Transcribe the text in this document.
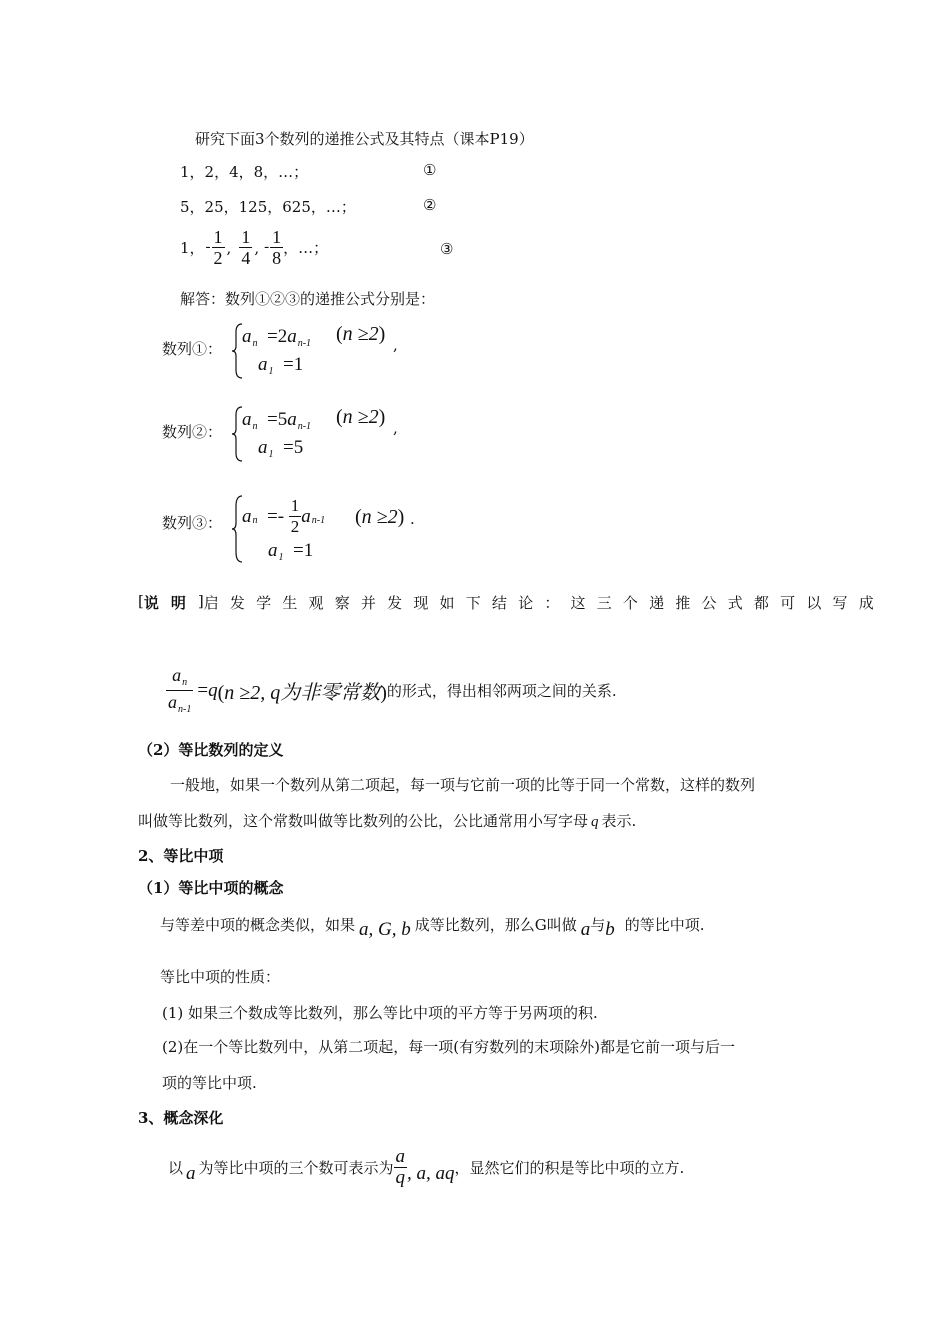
研究下面3个数列的递推公式及其特点（课本P19）
1，2，4，8，…；	①
5，25，125，625，…；	②
1， - $\frac{1}{2}$ , $\frac{1}{4}$ , - $\frac{1}{8}$ ，…；	③
解答：数列①②③的递推公式分别是：
数列①：
$a_n =2a_{n-1}$ (n ≥2) ,
$a_1 =1$
数列②：
$a_n =5a_{n-1}$ (n ≥2) ,
$a_1 =5$
数列③： a $n =- \frac{1}{2}$ a n-1 (n ≥2) .
$a_1 =1$
[ 说明 ] 启发学生观察并发现如下结论：这三个递推公式都可以写成
$\frac{a_n}{a_{n-1}} =q$ (n ≥2, q为非零常数) 的形式，得出相邻两项之间的关系.
（2）等比数列的定义
一般地，如果一个数列从第二项起，每一项与它前一项的比等于同一个常数，这样的数列
叫做等比数列，这个常数叫做等比数列的公比，公比通常用小写字母 q 表示.
2、等比中项
（1）等比中项的概念
与等差中项的概念类似，如果 a, G, b 成等比数列，那么G叫做 a 与 b 的等比中项.
等比中项的性质：
(1) 如果三个数成等比数列，那么等比中项的平方等于另两项的积.
(2)在一个等比数列中，从第二项起，每一项(有穷数列的末项除外)都是它前一项与后一
项的等比中项.
3、概念深化
以 a 为等比中项的三个数可表示为 $\frac{a}{q}$ , a, aq ，显然它们的积是等比中项的立方.
